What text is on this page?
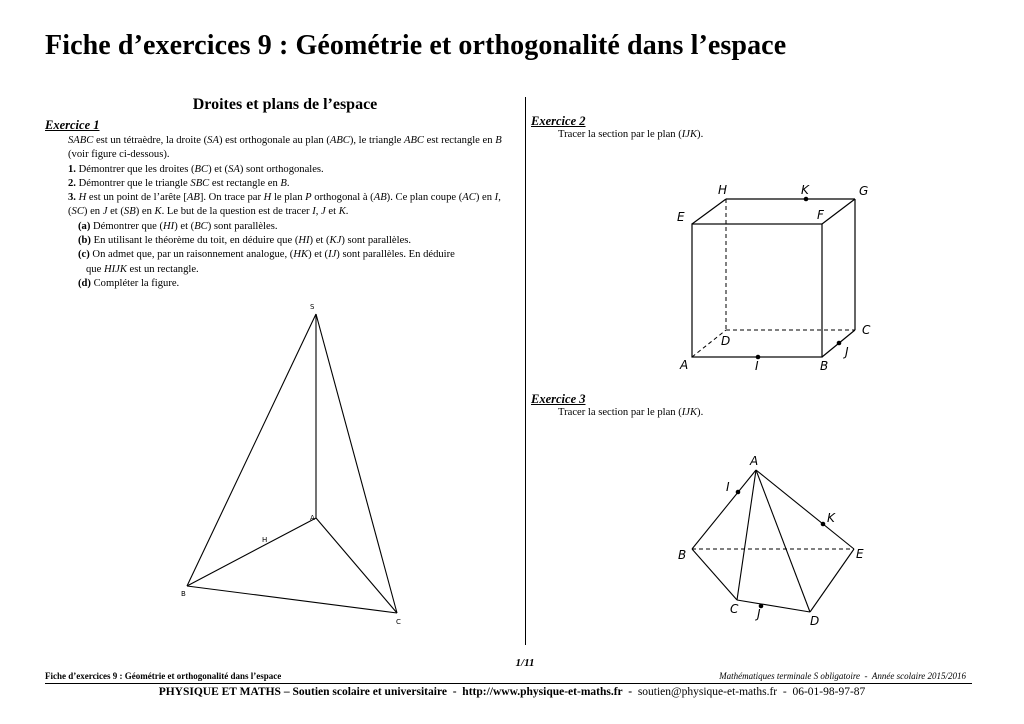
Fiche d’exercices 9 : Géométrie et orthogonalité dans l’espace
Droites et plans de l’espace
Exercice 1

SABC est un tétraèdre, la droite (SA) est orthogonale au plan (ABC), le triangle ABC est rectangle en B (voir figure ci-dessous).

1. Démontrer que les droites (BC) et (SA) sont orthogonales.

2. Démontrer que le triangle SBC est rectangle en B.

3. H est un point de l’arête [AB]. On trace par H le plan P orthogonal à (AB). Ce plan coupe (AC) en I, (SC) en J et (SB) en K. Le but de la question est de tracer I, J et K.

(a) Démontrer que (HI) et (BC) sont parallèles.

(b) En utilisant le théorème du toit, en déduire que (HI) et (KJ) sont parallèles.

(c) On admet que, par un raisonnement analogue, (HK) et (IJ) sont parallèles. En déduire

que HIJK est un rectangle.

(d) Compléter la figure.

S
A
B
C
H
Exercice 2
Tracer la section par le plan (IJK).
H	K	G
E	F
D
C
J
A	I	B
Exercice 3
Tracer la section par le plan (IJK).
A
I
K
B	E
C J	D
1/11
Fiche d’exercices 9 : Géométrie et orthogonalité dans l’espace	Mathématiques terminale S obligatoire  -  Année scolaire 2015/2016
PHYSIQUE ET MATHS – Soutien scolaire et universitaire  -  http://www.physique-et-maths.fr  -  soutien@physique-et-maths.fr  -  06-01-98-97-87
